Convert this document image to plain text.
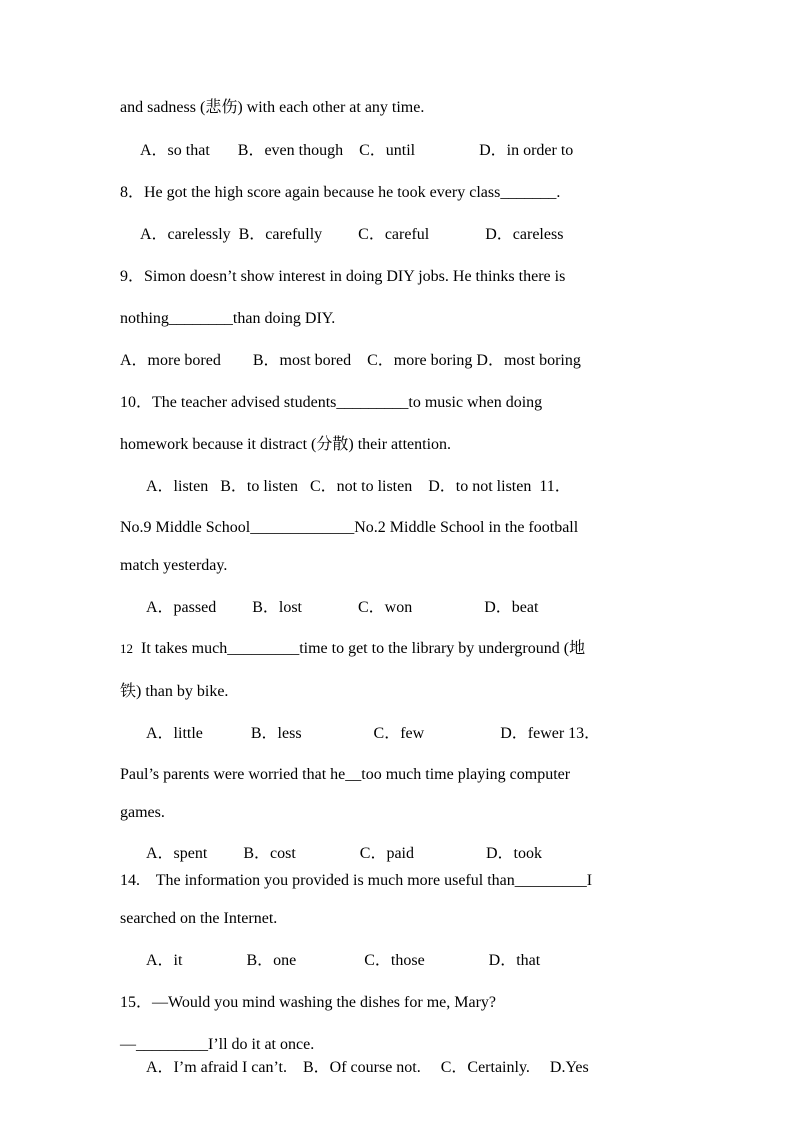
and sadness (悲伤) with each other at any time.
A．so that       B．even though    C．until                D．in order to
8．He got the high score again because he took every class_______.
A．carelessly  B．carefully         C．careful              D．careless
9．Simon doesn’t show interest in doing DIY jobs. He thinks there is
nothing________than doing DIY.
A．more bored        B．most bored    C．more boring D．most boring
10．The teacher advised students_________to music when doing
homework because it distract (分散) their attention.
A．listen   B．to listen   C．not to listen    D．to not listen  11．
No.9 Middle School_____________No.2 Middle School in the football
match yesterday.
A．passed         B．lost              C．won                  D．beat
12  It takes much_________time to get to the library by underground (地
铁) than by bike.
A．little            B．less                  C．few                   D．fewer 13．
Paul’s parents were worried that he__too much time playing computer
games.
A．spent         B．cost                C．paid                  D．took
14.    The information you provided is much more useful than_________I
searched on the Internet.
A．it                B．one                 C．those                D．that
15．—Would you mind washing the dishes for me, Mary?
—_________I’ll do it at once.
A．I’m afraid I can’t.    B．Of course not.     C．Certainly.     D.Yes
